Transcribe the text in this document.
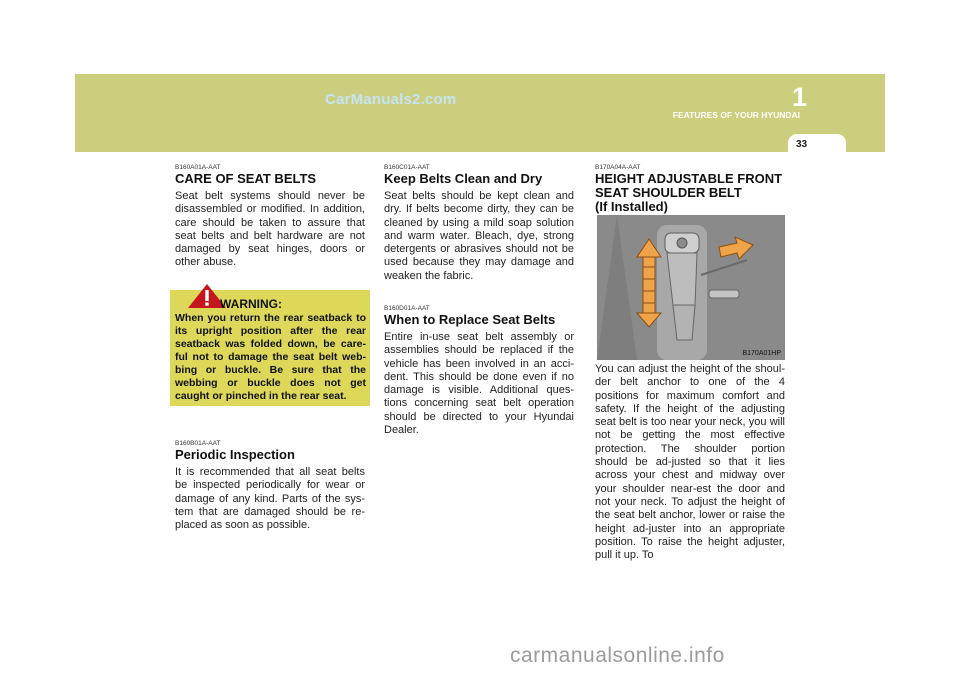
CarManuals2.com
FEATURES OF YOUR HYUNDAI
1
33
B160A01A-AAT
CARE OF SEAT BELTS

Seat belt systems should never be disassembled or modified. In addition, care should be taken to assure that seat belts and belt hardware are not damaged by seat hinges, doors or other abuse.

WARNING:
When you return the rear seatback to its upright position after the rear seatback was folded down, be care-ful not to damage the seat belt web-bing or buckle. Be sure that the webbing or buckle does not get caught or pinched in the rear seat.
B160B01A-AAT
Periodic Inspection

It is recommended that all seat belts be inspected periodically for wear or damage of any kind. Parts of the sys-tem that are damaged should be re-placed as soon as possible.

B160C01A-AAT
Keep Belts Clean and Dry

Seat belts should be kept clean and dry. If belts become dirty, they can be cleaned by using a mild soap solution and warm water. Bleach, dye, strong detergents or abrasives should not be used because they may damage and weaken the fabric.

B160D01A-AAT
When to Replace Seat Belts

Entire in-use seat belt assembly or assemblies should be replaced if the vehicle has been involved in an acci-dent. This should be done even if no damage is visible. Additional ques-tions concerning seat belt operation should be directed to your Hyundai Dealer.

B170A04A-AAT
HEIGHT ADJUSTABLE FRONT
SEAT SHOULDER BELT
(If Installed)
B170A01HP

You can adjust the height of the shoul-der belt anchor to one of the 4 positions for maximum comfort and safety. If the height of the adjusting seat belt is too near your neck, you will not be getting the most effective protection. The shoulder portion should be ad-justed so that it lies across your chest and midway over your shoulder near-est the door and not your neck. To adjust the height of the seat belt anchor, lower or raise the height ad-juster into an appropriate position. To raise the height adjuster, pull it up. To

carmanualsonline.info
